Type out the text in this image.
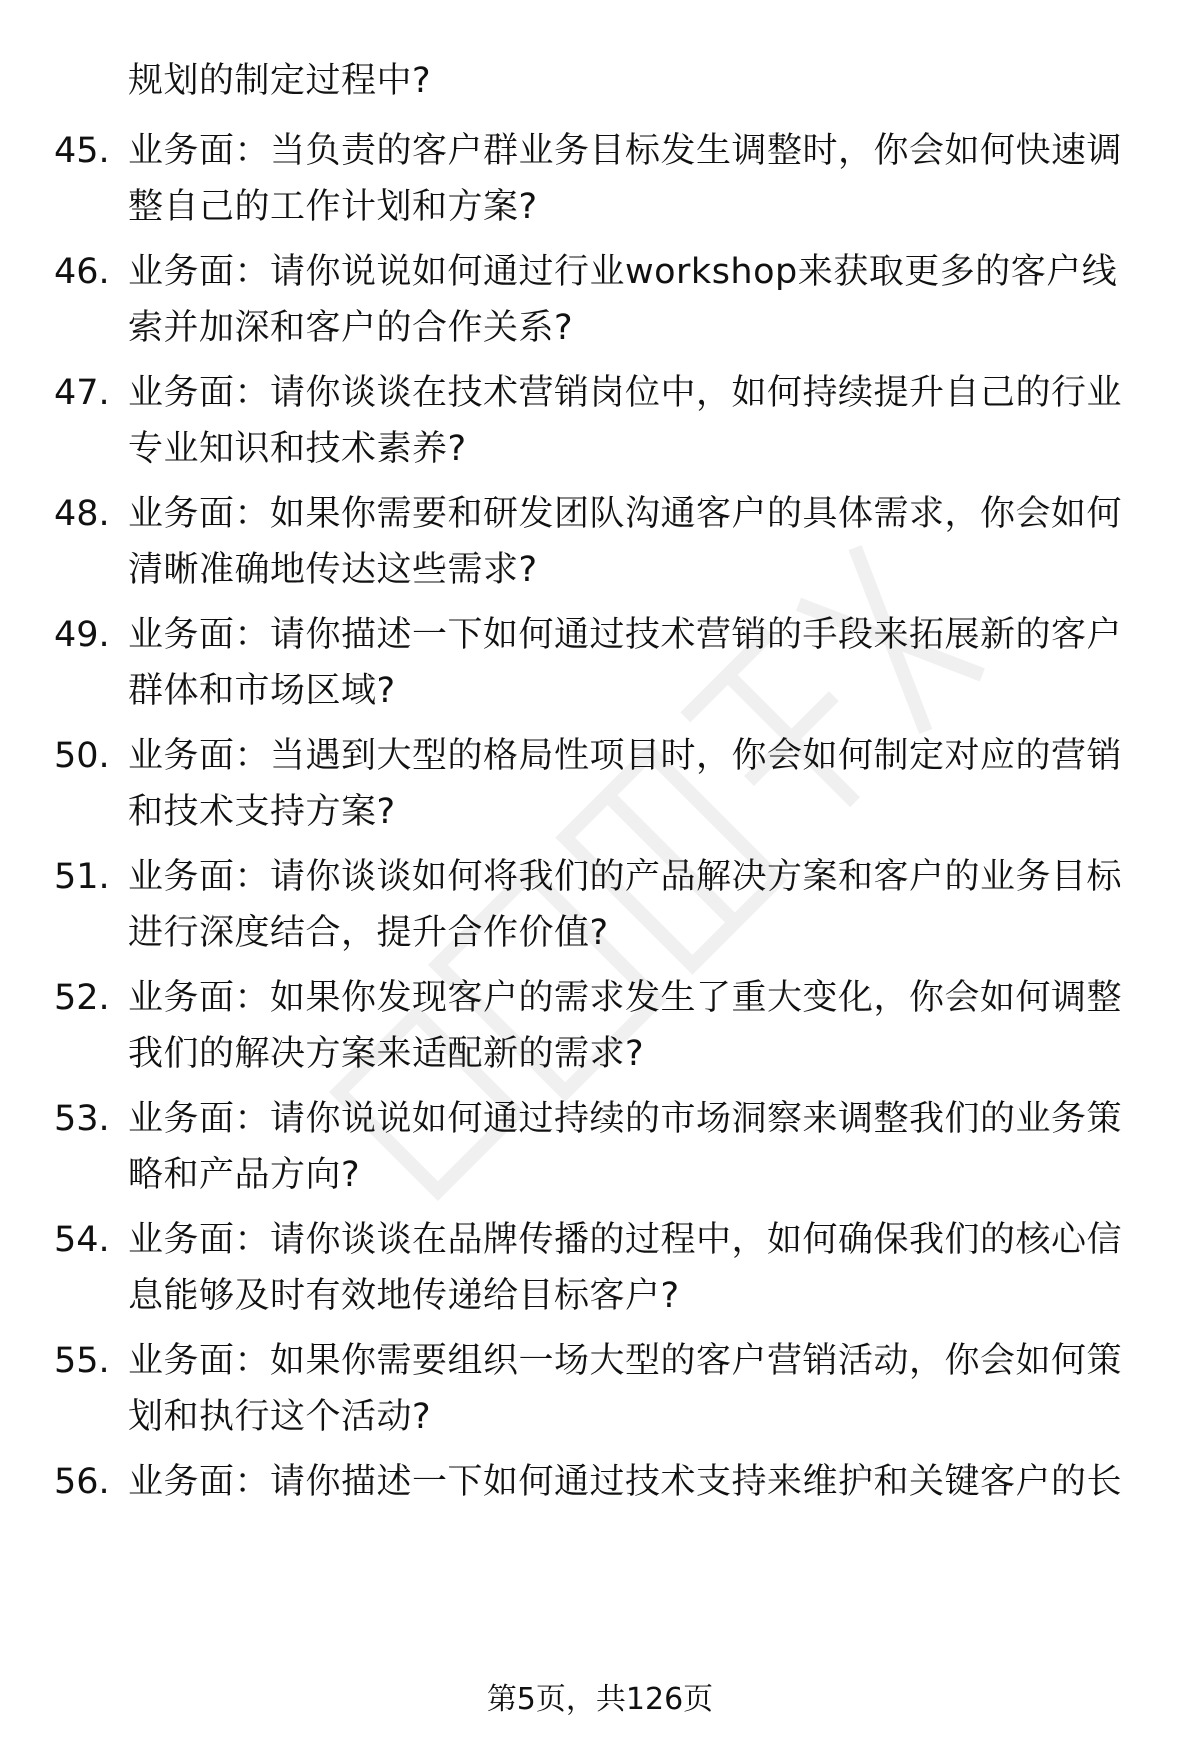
规划的制定过程中?
45. 业务面：当负责的客户群业务目标发生调整时，你会如何快速调
整自己的工作计划和方案?
46. 业务面：请你说说如何通过行业workshop来获取更多的客户线
索并加深和客户的合作关系?
47. 业务面：请你谈谈在技术营销岗位中，如何持续提升自己的行业
专业知识和技术素养?
48. 业务面：如果你需要和研发团队沟通客户的具体需求，你会如何
清晰准确地传达这些需求?
49. 业务面：请你描述一下如何通过技术营销的手段来拓展新的客户
群体和市场区域?
50. 业务面：当遇到大型的格局性项目时，你会如何制定对应的营销
和技术支持方案?
51. 业务面：请你谈谈如何将我们的产品解决方案和客户的业务目标
进行深度结合，提升合作价值?
52. 业务面：如果你发现客户的需求发生了重大变化，你会如何调整
我们的解决方案来适配新的需求?
53. 业务面：请你说说如何通过持续的市场洞察来调整我们的业务策
略和产品方向?
54. 业务面：请你谈谈在品牌传播的过程中，如何确保我们的核心信
息能够及时有效地传递给目标客户?
55. 业务面：如果你需要组织一场大型的客户营销活动，你会如何策
划和执行这个活动?
56. 业务面：请你描述一下如何通过技术支持来维护和关键客户的长
第5页，共126页
